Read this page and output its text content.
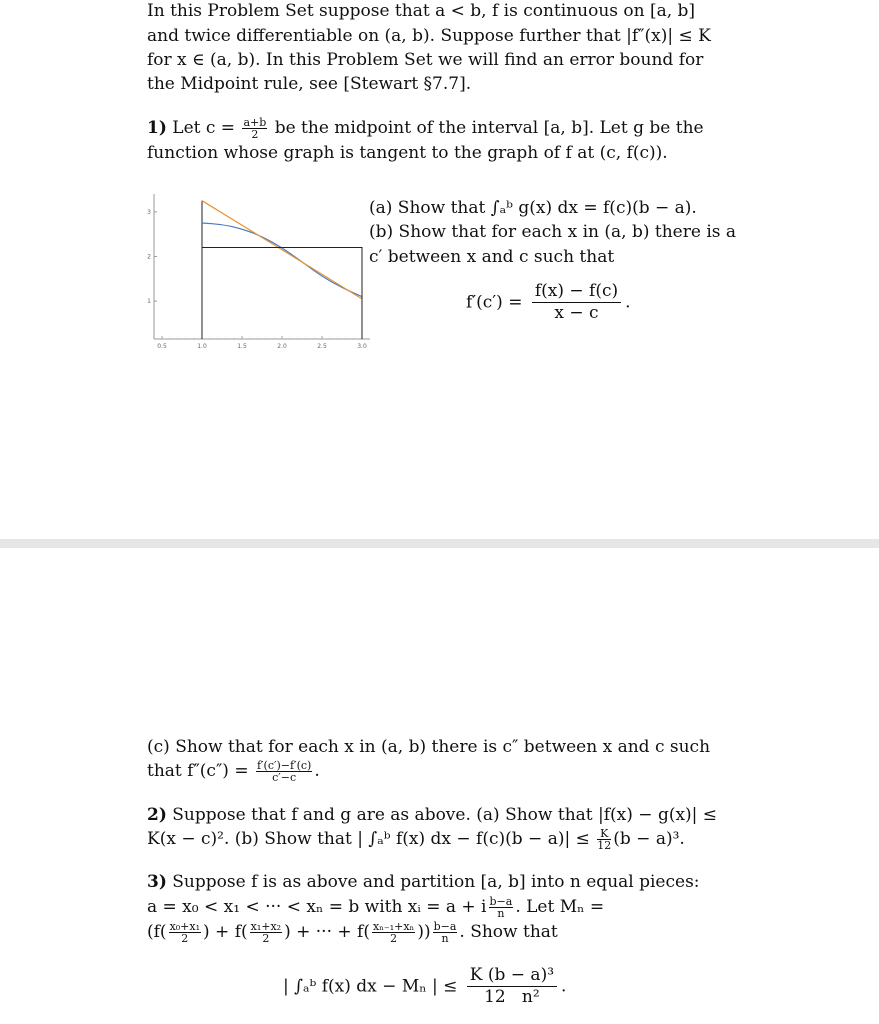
In this Problem Set suppose that a < b, f is continuous on [a, b]
and twice differentiable on (a, b). Suppose further that |f″(x)| ≤ K
for x ∈ (a, b). In this Problem Set we will find an error bound for
the Midpoint rule, see [Stewart §7.7].
1) Let $c = \frac{a+b}{2}$ be the midpoint of the interval [a, b]. Let g be the
function whose graph is tangent to the graph of f at (c, f(c)).
0.5	1.0	1.5	2.0	2.5	3.0
1
2
3	(a) Show that ∫ₐᵇ g(x) dx = f(c)(b − a).
(b) Show that for each x in (a, b) there is a
c′ between x and c such that
$f'(c') = \frac{f(x) - f(c)}{x - c}$ .
(c) Show that for each x in (a, b) there is c″ between x and c such
that $f''(c'') = \frac{f'(c')-f'(c)}{c'-c}$ .
2) Suppose that f and g are as above. (a) Show that |f(x) − g(x)| ≤
K(x − c)². (b) Show that | ∫ₐᵇ f(x) dx − $f(c)(b - a)| \le \frac{K}{12} (b - a)^3$.
3) Suppose f is as above and partition [a, b] into n equal pieces:
a = x₀ < x₁ < ··· < xₙ = b with xᵢ = a + i $\frac{b-a}{n}$ . Let Mₙ =
($f( \frac{\text{x₀+x₁}}{2}$ ) + $f( \frac{\text{x₁+x₂}}{2}$ ) + ··· + $f( \frac{\text{xₙ₋₁+xₙ}}{2}$ )) $\frac{b-a}{n}$ . Show that
| ∫ₐᵇ f(x) dx − Mₙ | ≤ $\frac{\text{K (b − a)³}}{\text{12   n²}}$ .
